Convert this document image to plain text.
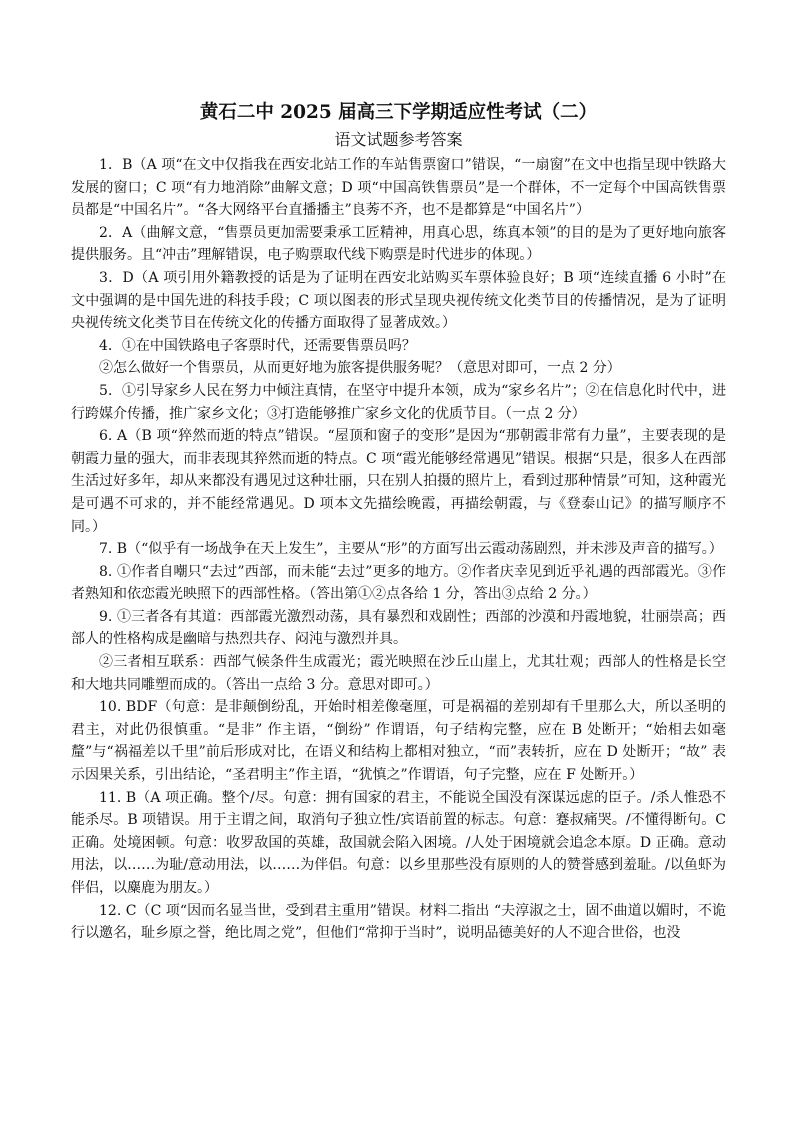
黄石二中 2025 届高三下学期适应性考试（二）
语文试题参考答案

1．B（A 项“在文中仅指我在西安北站工作的车站售票窗口”错误，“一扇窗”在文中也指呈现中铁路大发展的窗口；C 项“有力地消除”曲解文意；D 项“中国高铁售票员”是一个群体，不一定每个中国高铁售票员都是“中国名片”。“各大网络平台直播播主”良莠不齐，也不是都算是“中国名片”）

2．A（曲解文意，“售票员更加需要秉承工匠精神，用真心思，练真本领”的目的是为了更好地向旅客提供服务。且“冲击”理解错误，电子购票取代线下购票是时代进步的体现。）

3．D（A 项引用外籍教授的话是为了证明在西安北站购买车票体验良好；B 项“连续直播 6 小时”在文中强调的是中国先进的科技手段；C 项以图表的形式呈现央视传统文化类节目的传播情况，是为了证明央视传统文化类节目在传统文化的传播方面取得了显著成效。）

4．①在中国铁路电子客票时代，还需要售票员吗？

②怎么做好一个售票员，从而更好地为旅客提供服务呢？（意思对即可，一点 2 分）

5．①引导家乡人民在努力中倾注真情，在坚守中提升本领，成为“家乡名片”；②在信息化时代中，进行跨媒介传播，推广家乡文化；③打造能够推广家乡文化的优质节目。（一点 2 分）

6. A（B 项“猝然而逝的特点”错误。“屋顶和窗子的变形”是因为“那朝霞非常有力量”，主要表现的是朝霞力量的强大，而非表现其猝然而逝的特点。C 项“霞光能够经常遇见”错误。根据“只是，很多人在西部生活过好多年，却从来都没有遇见过这种壮丽，只在别人拍摄的照片上，看到过那种情景”可知，这种霞光是可遇不可求的，并不能经常遇见。D 项本文先描绘晚霞，再描绘朝霞，与《登泰山记》的描写顺序不同。）

7. B（“似乎有一场战争在天上发生”，主要从“形”的方面写出云霞动荡剧烈，并未涉及声音的描写。）

8. ①作者自嘲只“去过”西部，而未能“去过”更多的地方。②作者庆幸见到近乎礼遇的西部霞光。③作者熟知和依恋霞光映照下的西部性格。（答出第①②点各给 1 分，答出③点给 2 分。）

9. ①三者各有其道：西部霞光激烈动荡，具有暴烈和戏剧性；西部的沙漠和丹霞地貌，壮丽崇高；西部人的性格构成是幽暗与热烈共存、闷沌与激烈并具。

②三者相互联系：西部气候条件生成霞光；霞光映照在沙丘山崖上，尤其壮观；西部人的性格是长空和大地共同雕塑而成的。（答出一点给 3 分。意思对即可。）

10. BDF（句意：是非颠倒纷乱，开始时相差像毫厘，可是祸福的差别却有千里那么大，所以圣明的君主，对此仍很慎重。“是非” 作主语，“倒纷” 作谓语，句子结构完整，应在 B 处断开；“始相去如毫釐”与“祸福差以千里”前后形成对比，在语义和结构上都相对独立，“而”表转折，应在 D 处断开；“故” 表示因果关系，引出结论，“圣君明主”作主语，“犹慎之”作谓语，句子完整，应在 F 处断开。）

11. B（A 项正确。整个/尽。句意：拥有国家的君主，不能说全国没有深谋远虑的臣子。/杀人惟恐不能杀尽。B 项错误。用于主谓之间，取消句子独立性/宾语前置的标志。句意：蹇叔痛哭。/不懂得断句。C 正确。处境困顿。句意：收罗敌国的英雄，敌国就会陷入困境。/人处于困境就会追念本原。D 正确。意动用法，以……为耻/意动用法，以……为伴侣。句意：以乡里那些没有原则的人的赞誉感到羞耻。/以鱼虾为伴侣，以麋鹿为朋友。）

12. C（C 项“因而名显当世，受到君主重用”错误。材料二指出 “夫淳淑之士，固不曲道以媚时，不诡行以邀名，耻乡原之誉，绝比周之党”，但他们“常抑于当时”，说明品德美好的人不迎合世俗，也没
